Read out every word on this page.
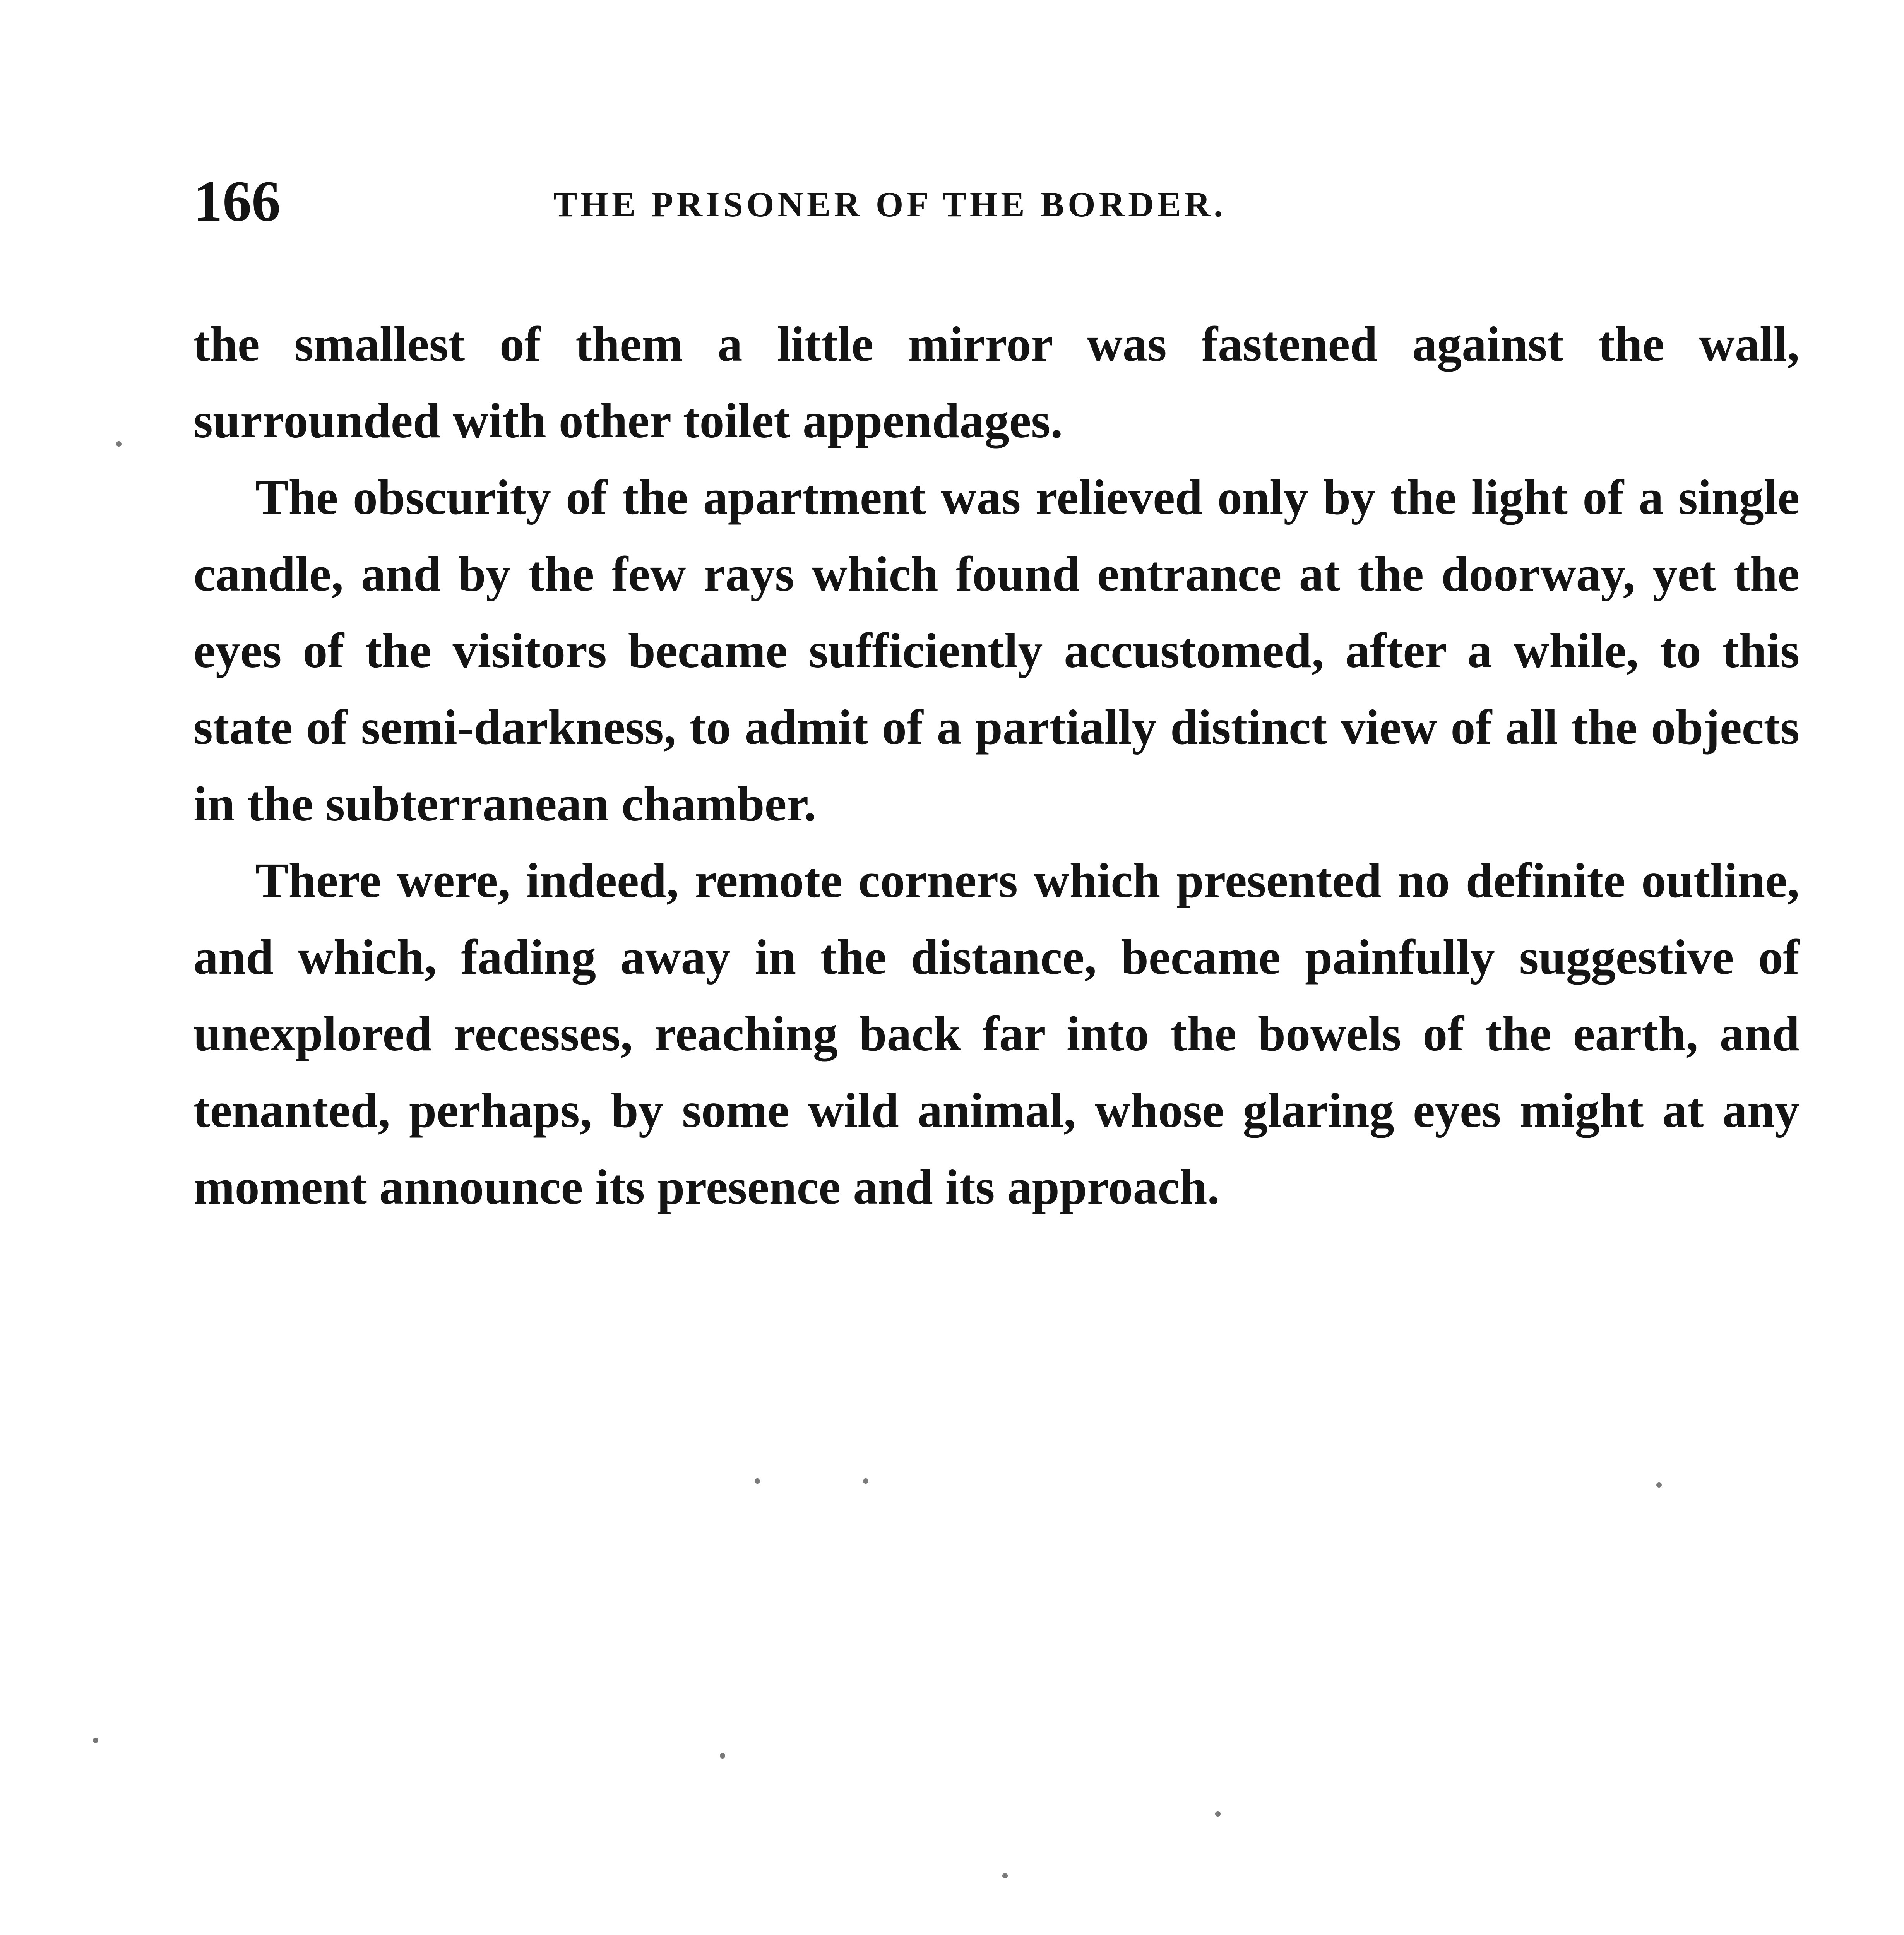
166	THE PRISONER OF THE BORDER.

the smallest of them a little mirror was fastened against the wall, surrounded with other toilet appendages.

The obscurity of the apartment was relieved only by the light of a single candle, and by the few rays which found entrance at the doorway, yet the eyes of the visitors became sufficiently accustomed, after a while, to this state of semi-darkness, to admit of a partially distinct view of all the objects in the subterranean chamber.

There were, indeed, remote corners which presented no definite outline, and which, fading away in the distance, became painfully suggestive of unexplored recesses, reaching back far into the bowels of the earth, and tenanted, perhaps, by some wild animal, whose glaring eyes might at any moment announce its presence and its approach.
